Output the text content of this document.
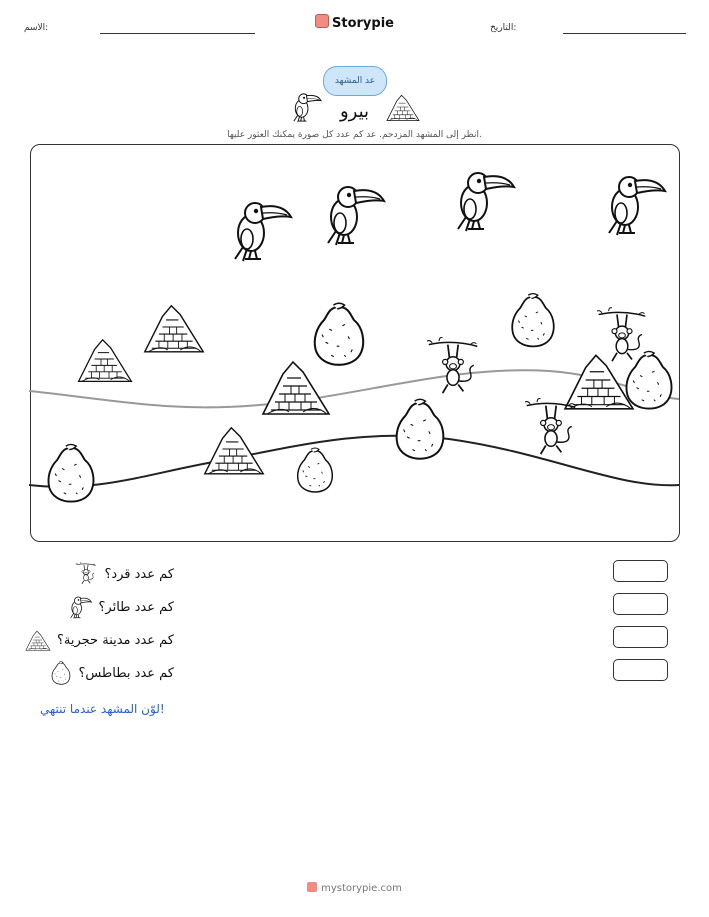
الاسم:	Storypie	التاريخ:
عد المشهد
بيرو
انظر إلى المشهد المزدحم. عد كم عدد كل صورة يمكنك العثور عليها.
كم عدد قرد؟
كم عدد طائر؟
كم عدد مدينة حجرية؟
كم عدد بطاطس؟
لوّن المشهد عندما تنتهي!
mystorypie.com
